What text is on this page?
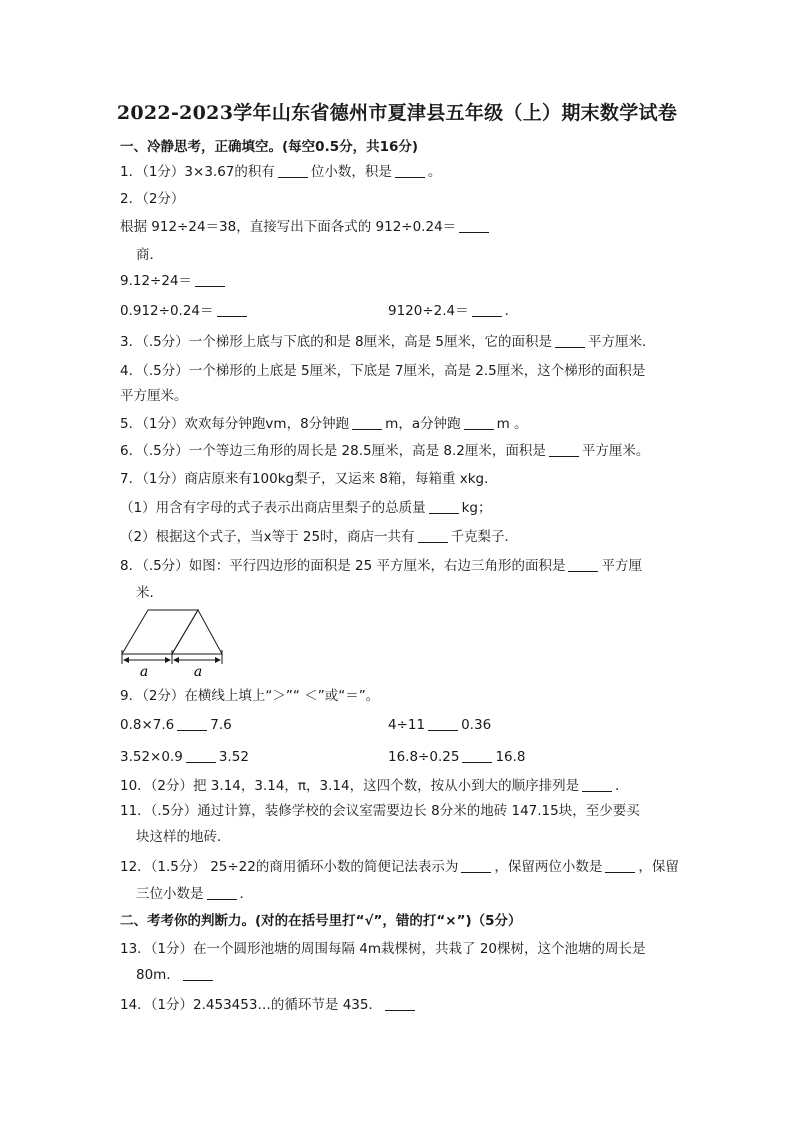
2022-2023学年山东省德州市夏津县五年级（上）期末数学试卷
一、冷静思考，正确填空。(每空0.5分，共16分)
1．（1分）3×3.67的积有	位小数，积是	。
2．（2分）
根据 912÷24＝38，直接写出下面各式的 912÷0.24＝
商．
9.12÷24＝
0.912÷0.24＝	9120÷2.4＝	．
3．（.5分）一个梯形上底与下底的和是 8厘米，高是 5厘米，它的面积是	平方厘米．
4．（.5分）一个梯形的上底是 5厘米，下底是 7厘米，高是 2.5厘米，这个梯形的面积是
平方厘米。
5．（1分）欢欢每分钟跑vm，8分钟跑	m，a分钟跑	m 。
6．（.5分）一个等边三角形的周长是 28.5厘米，高是 8.2厘米，面积是	平方厘米。
7．（1分）商店原来有100kg梨子，又运来 8箱，每箱重 xkg．
（1）用含有字母的式子表示出商店里梨子的总质量	kg；
（2）根据这个式子，当x等于 25时，商店一共有	千克梨子．
8．（.5分）如图：平行四边形的面积是 25 平方厘米，右边三角形的面积是	平方厘
米．
a	a
9．（2分）在横线上填上“＞”“ ＜”或“＝”。
0.8×7.6	7.6	4÷11	0.36
3.52×0.9	3.52	16.8÷0.25	16.8
10．（2分）把 3.14，3.14，π，3.14，这四个数，按从小到大的顺序排列是	．
11．（.5分）通过计算，装修学校的会议室需要边长 8分米的地砖 147.15块，至少要买
块这样的地砖．
12．（1.5分） 25÷22的商用循环小数的简便记法表示为	，保留两位小数是	，保留
三位小数是	．
二、考考你的判断力。(对的在括号里打“√”，错的打“×”)（5分）
13．（1分）在一个圆形池塘的周围每隔 4m栽棵树，共栽了 20棵树，这个池塘的周长是
80m．
14．（1分）2.453453…的循环节是 435．
